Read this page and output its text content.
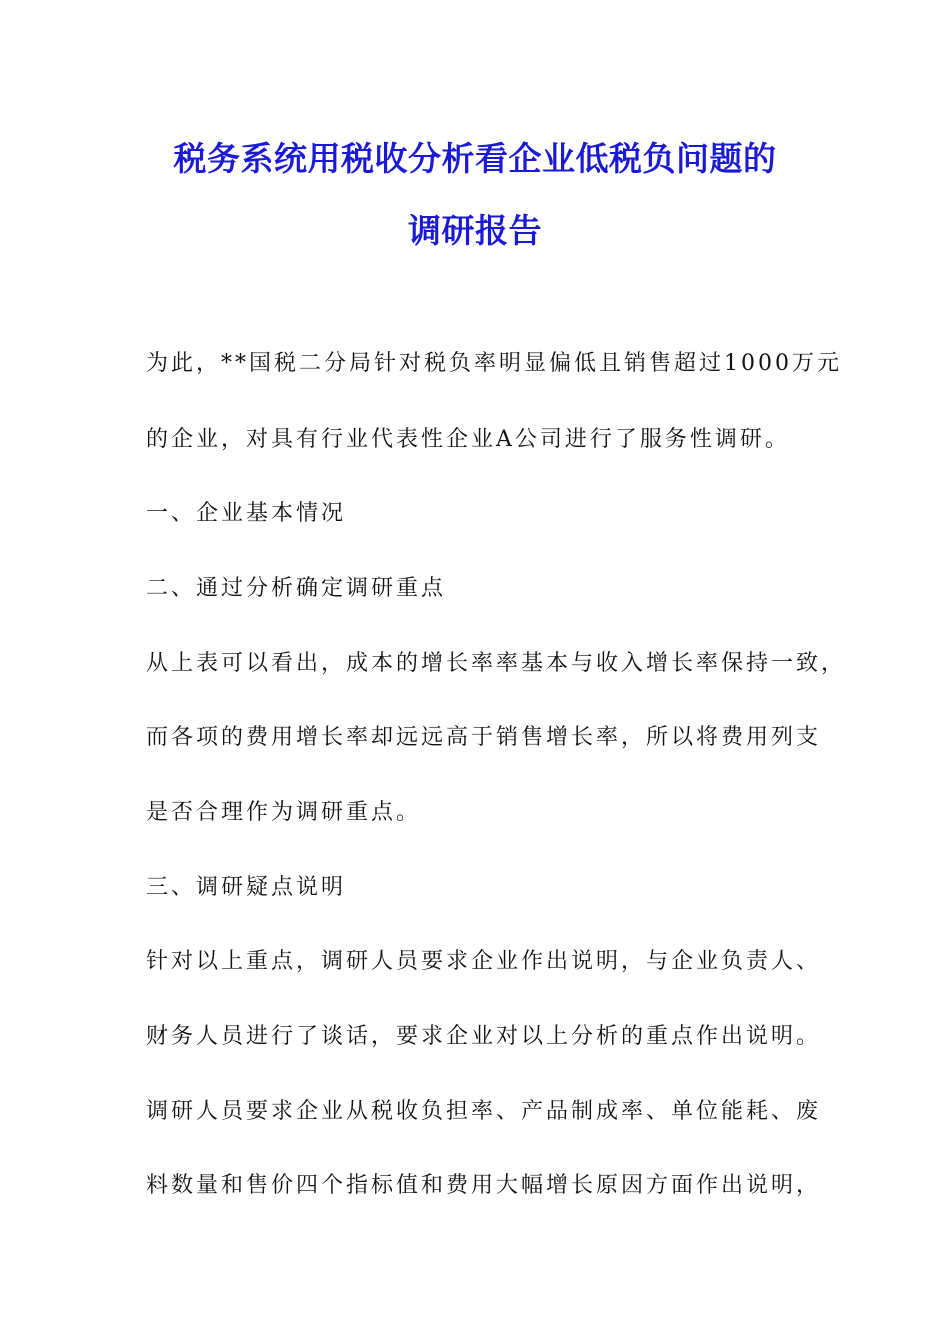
税务系统用税收分析看企业低税负问题的
调研报告
为此，**国税二分局针对税负率明显偏低且销售超过1000万元
的企业，对具有行业代表性企业A公司进行了服务性调研。
一、企业基本情况
二、通过分析确定调研重点
从上表可以看出，成本的增长率率基本与收入增长率保持一致，
而各项的费用增长率却远远高于销售增长率，所以将费用列支
是否合理作为调研重点。
三、调研疑点说明
针对以上重点，调研人员要求企业作出说明，与企业负责人、
财务人员进行了谈话，要求企业对以上分析的重点作出说明。
调研人员要求企业从税收负担率、产品制成率、单位能耗、废
料数量和售价四个指标值和费用大幅增长原因方面作出说明，
